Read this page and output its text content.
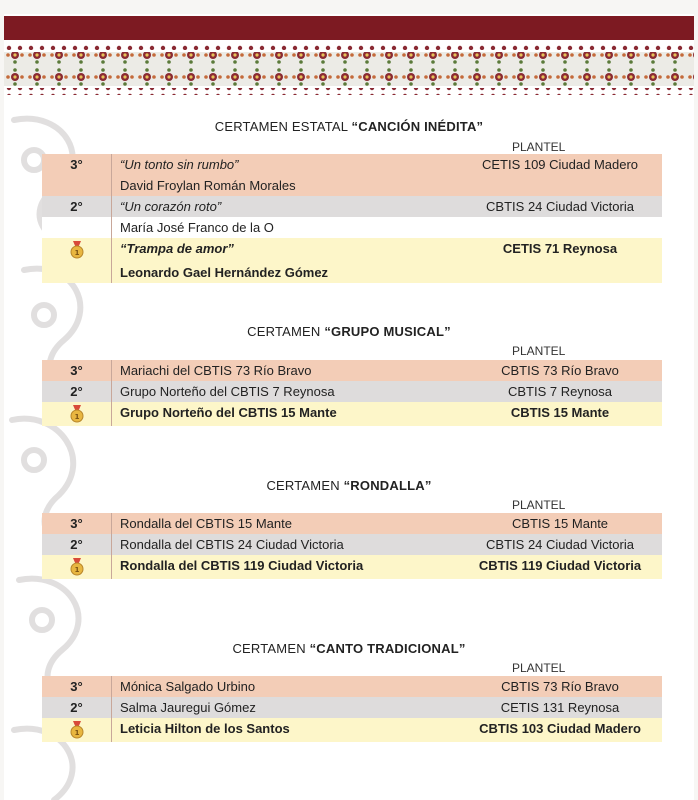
CERTAMEN ESTATAL “CANCIÓN INÉDITA”
PLANTEL
3°	“Un tonto sin rumbo”	CETIS 109 Ciudad Madero
	David Froylan Román Morales	
2°	“Un corazón roto”	CBTIS 24 Ciudad Victoria
	María José Franco de la O	

1	“Trampa de amor”	CETIS 71 Reynosa
	Leonardo Gael Hernández Gómez	
CERTAMEN “GRUPO MUSICAL”
PLANTEL
3°	Mariachi del CBTIS 73 Río Bravo	CBTIS 73 Río Bravo
2°	Grupo Norteño del CBTIS 7 Reynosa	CBTIS 7 Reynosa

1	Grupo Norteño del CBTIS 15 Mante	CBTIS 15 Mante
CERTAMEN “RONDALLA”
PLANTEL
3°	Rondalla del CBTIS 15 Mante	CBTIS 15 Mante
2°	Rondalla del CBTIS 24 Ciudad Victoria	CBTIS 24 Ciudad Victoria

1	Rondalla del CBTIS 119 Ciudad Victoria	CBTIS 119 Ciudad Victoria
CERTAMEN “CANTO TRADICIONAL”
PLANTEL
3°	Mónica Salgado Urbino	CBTIS 73 Río Bravo
2°	Salma Jauregui Gómez	CETIS 131 Reynosa

1	Leticia Hilton de los Santos	CBTIS 103 Ciudad Madero
